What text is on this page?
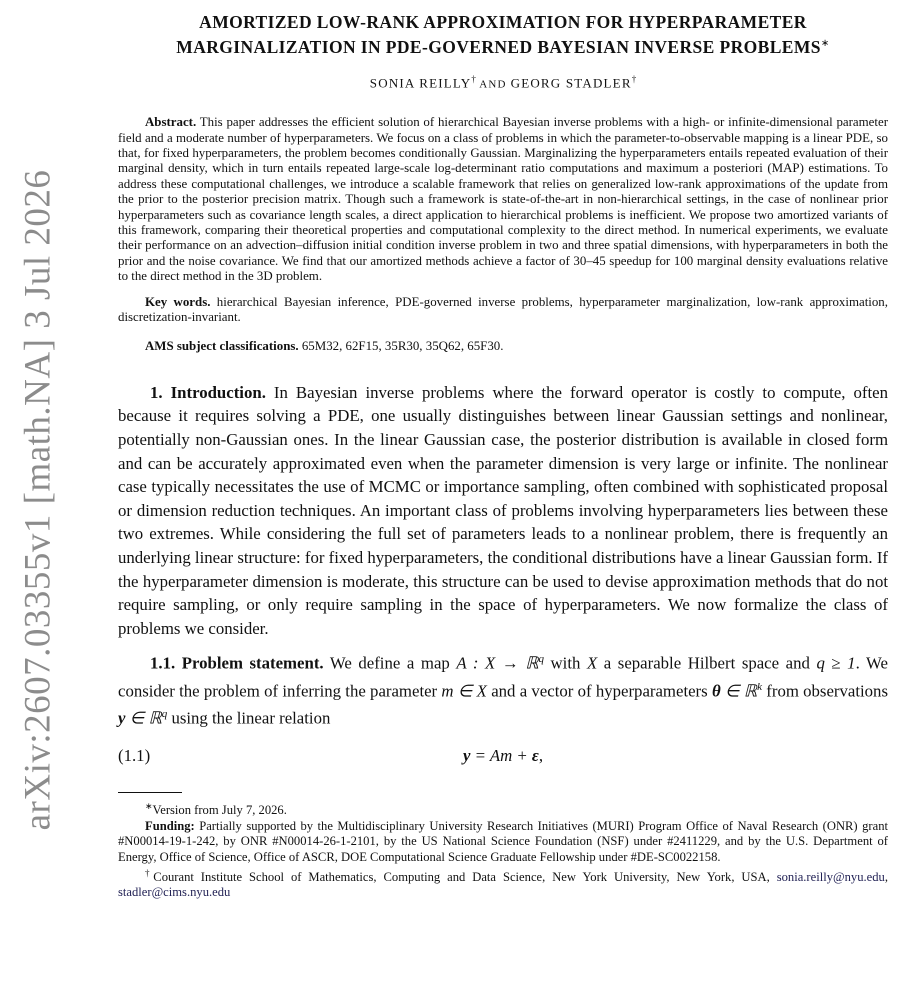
arXiv:2607.03355v1 [math.NA] 3 Jul 2026
AMORTIZED LOW-RANK APPROXIMATION FOR HYPERPARAMETER
MARGINALIZATION IN PDE-GOVERNED BAYESIAN INVERSE PROBLEMS∗
SONIA REILLY† AND GEORG STADLER†

Abstract. This paper addresses the efficient solution of hierarchical Bayesian inverse problems with a high- or infinite-dimensional parameter field and a moderate number of hyperparameters. We focus on a class of problems in which the parameter-to-observable mapping is a linear PDE, so that, for fixed hyperparameters, the problem becomes conditionally Gaussian. Marginalizing the hyperparameters entails repeated evaluation of their marginal density, which in turn entails repeated large-scale log-determinant ratio computations and maximum a posteriori (MAP) estimations. To address these computational challenges, we introduce a scalable framework that relies on generalized low-rank approximations of the update from the prior to the posterior precision matrix. Though such a framework is state-of-the-art in non-hierarchical settings, in the case of nonlinear prior hyperparameters such as covariance length scales, a direct application to hierarchical problems is inefficient. We propose two amortized variants of this framework, comparing their theoretical properties and computational complexity to the direct method. In numerical experiments, we evaluate their performance on an advection–diffusion initial condition inverse problem in two and three spatial dimensions, with hyperparameters in both the prior and the noise covariance. We find that our amortized methods achieve a factor of 30–45 speedup for 100 marginal density evaluations relative to the direct method in the 3D problem.

Key words. hierarchical Bayesian inference, PDE-governed inverse problems, hyperparameter marginalization, low-rank approximation, discretization-invariant.

AMS subject classifications. 65M32, 62F15, 35R30, 35Q62, 65F30.

1. Introduction. In Bayesian inverse problems where the forward operator is costly to compute, often because it requires solving a PDE, one usually distinguishes between linear Gaussian settings and nonlinear, potentially non-Gaussian ones. In the linear Gaussian case, the posterior distribution is available in closed form and can be accurately approximated even when the parameter dimension is very large or infinite. The nonlinear case typically necessitates the use of MCMC or importance sampling, often combined with sophisticated proposal or dimension reduction techniques. An important class of problems involving hyperparameters lies between these two extremes. While considering the full set of parameters leads to a nonlinear problem, there is frequently an underlying linear structure: for fixed hyperparameters, the conditional distributions have a linear Gaussian form. If the hyperparameter dimension is moderate, this structure can be used to devise approximation methods that do not require sampling, or only require sampling in the space of hyperparameters. We now formalize the class of problems we consider.

1.1. Problem statement. We define a map A : X → ℝ$^q$ with X a separable Hilbert space and q ≥ 1. We consider the problem of inferring the parameter m ∈ X and a vector of hyperparameters θ ∈ ℝ$^k$ from observations y ∈ ℝ$^q$ using the linear relation

(1.1)	y = Am + ε,

∗Version from July 7, 2026.

Funding: Partially supported by the Multidisciplinary University Research Initiatives (MURI) Program Office of Naval Research (ONR) grant #N00014-19-1-242, by ONR #N00014-26-1-2101, by the US National Science Foundation (NSF) under #2411229, and by the U.S. Department of Energy, Office of Science, Office of ASCR, DOE Computational Science Graduate Fellowship under #DE-SC0022158.

†Courant Institute School of Mathematics, Computing and Data Science, New York University, New York, USA, sonia.reilly@nyu.edu, stadler@cims.nyu.edu
